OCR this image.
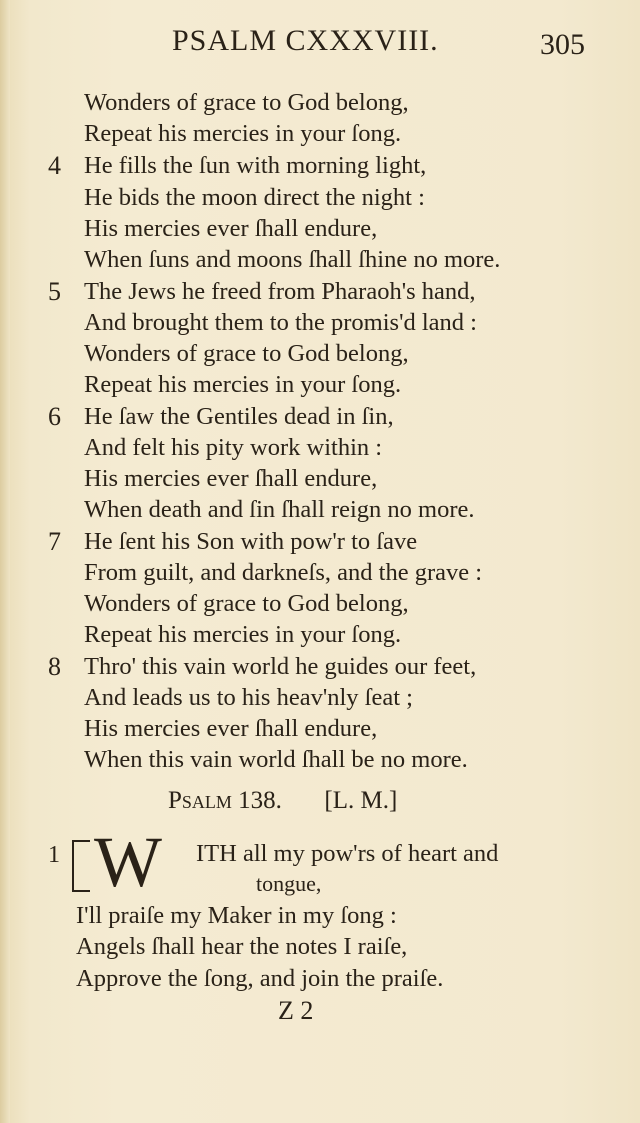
PSALM CXXXVIII.	305
Wonders of grace to God belong,
Repeat his mercies in your ſong.
4 He fills the ſun with morning light,
He bids the moon direct the night :
His mercies ever ſhall endure,
When ſuns and moons ſhall ſhine no more.
5 The Jews he freed from Pharaoh's hand,
And brought them to the promis'd land :
Wonders of grace to God belong,
Repeat his mercies in your ſong.
6 He ſaw the Gentiles dead in ſin,
And felt his pity work within :
His mercies ever ſhall endure,
When death and ſin ſhall reign no more.
7 He ſent his Son with pow'r to ſave
From guilt, and darkneſs, and the grave :
Wonders of grace to God belong,
Repeat his mercies in your ſong.
8 Thro' this vain world he guides our feet,
And leads us to his heav'nly ſeat ;
His mercies ever ſhall endure,
When this vain world ſhall be no more.
Psalm 138. [L. M.]
1 W ITH all my pow'rs of heart and
tongue,
I'll praiſe my Maker in my ſong :
Angels ſhall hear the notes I raiſe,
Approve the ſong, and join the praiſe.
Z 2
